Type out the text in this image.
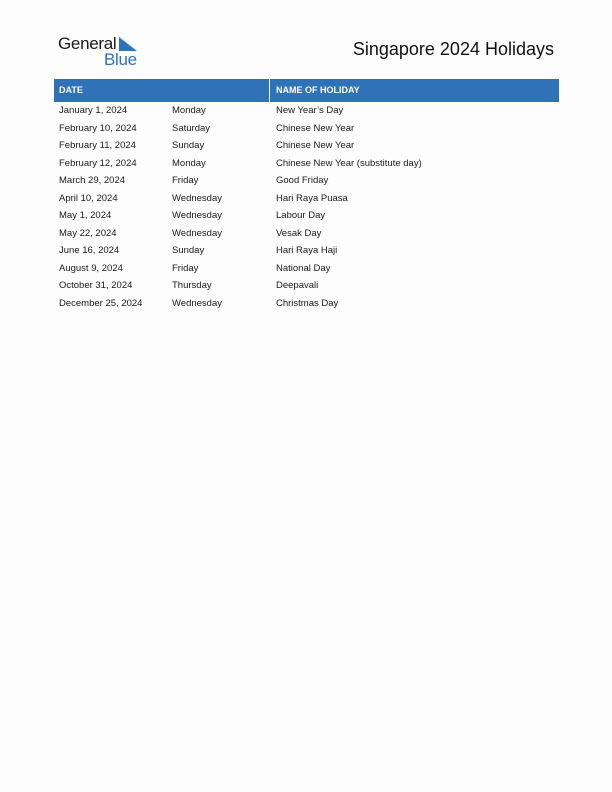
General
Blue
Singapore 2024 Holidays
DATE	NAME OF HOLIDAY
January 1, 2024	Monday	New Year’s Day
February 10, 2024	Saturday	Chinese New Year
February 11, 2024	Sunday	Chinese New Year
February 12, 2024	Monday	Chinese New Year (substitute day)
March 29, 2024	Friday	Good Friday
April 10, 2024	Wednesday	Hari Raya Puasa
May 1, 2024	Wednesday	Labour Day
May 22, 2024	Wednesday	Vesak Day
June 16, 2024	Sunday	Hari Raya Haji
August 9, 2024	Friday	National Day
October 31, 2024	Thursday	Deepavali
December 25, 2024	Wednesday	Christmas Day
